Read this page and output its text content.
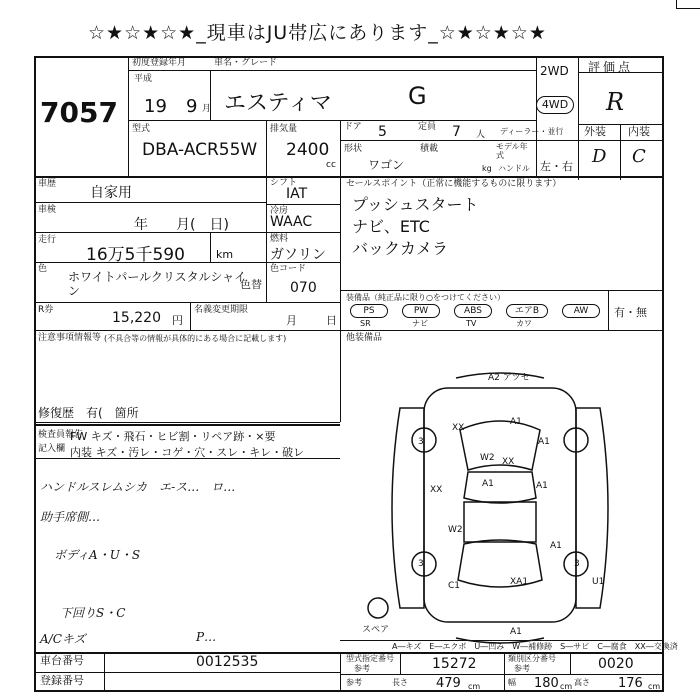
☆★☆★☆★_現車はJU帯広にあります_☆★☆★☆★
7057
初度登録年月	車名・グレード
平成
19 9 月 エスティマ	G
2WD
4WD
評価点
R
外装 内装
D C
型式
DBA-ACR55W
排気量
2400
cc
ドア 5	定員 7 人 ディーラー・並行
形状
ワゴン
積載	モデル年式
kg ハンドル 左・右
車歴
自家用
車検
年　　月(　日)
走行
16万5千590	km
色
ホワイトパールクリスタルシャイン	色替
R券	15,220 円
名義変更期限
月	日
注意事項情報等 (不具合等の情報が具体的にある場合に記載します)
修復歴 有(　箇所
シフト
IAT
冷房
WAAC
燃料
ガソリン
色コード
070
セールスポイント（正常に機能するものに限ります）
プッシュスタート
ナビ、ETC
バックカメラ
装備品（純正品に限り○をつけてください）
有・無
PS	PW	ABS	エアB	AW
SR	ナビ	TV	カワ
他装備品
検査員報告
記入欄
FW キズ・飛石・ヒビ割・リペア跡・×要
内装 キズ・汚レ・コゲ・穴・スレ・キレ・破レ
ハンドルスレムシカ　エ-ス…　ロ…
助手席側…
ボディA・U・S
下回りS・C
A/Cキズ	P…
A2 アツセ
XX
A1
3	A1
W2 XX
XX
A1	A1
W2
3	3
C1	XA1	U1
A1
A1
スペア
A―キズ　E―エクボ　U―凹み　W―補修跡　S―サビ　C―腐食　XX―交換済
車台番号	0012535
登録番号
型式指定番号
参考	15272	類別区分番号
参考	0020
参考	長さ 479 cm	幅 180 cm 高さ 176 cm
